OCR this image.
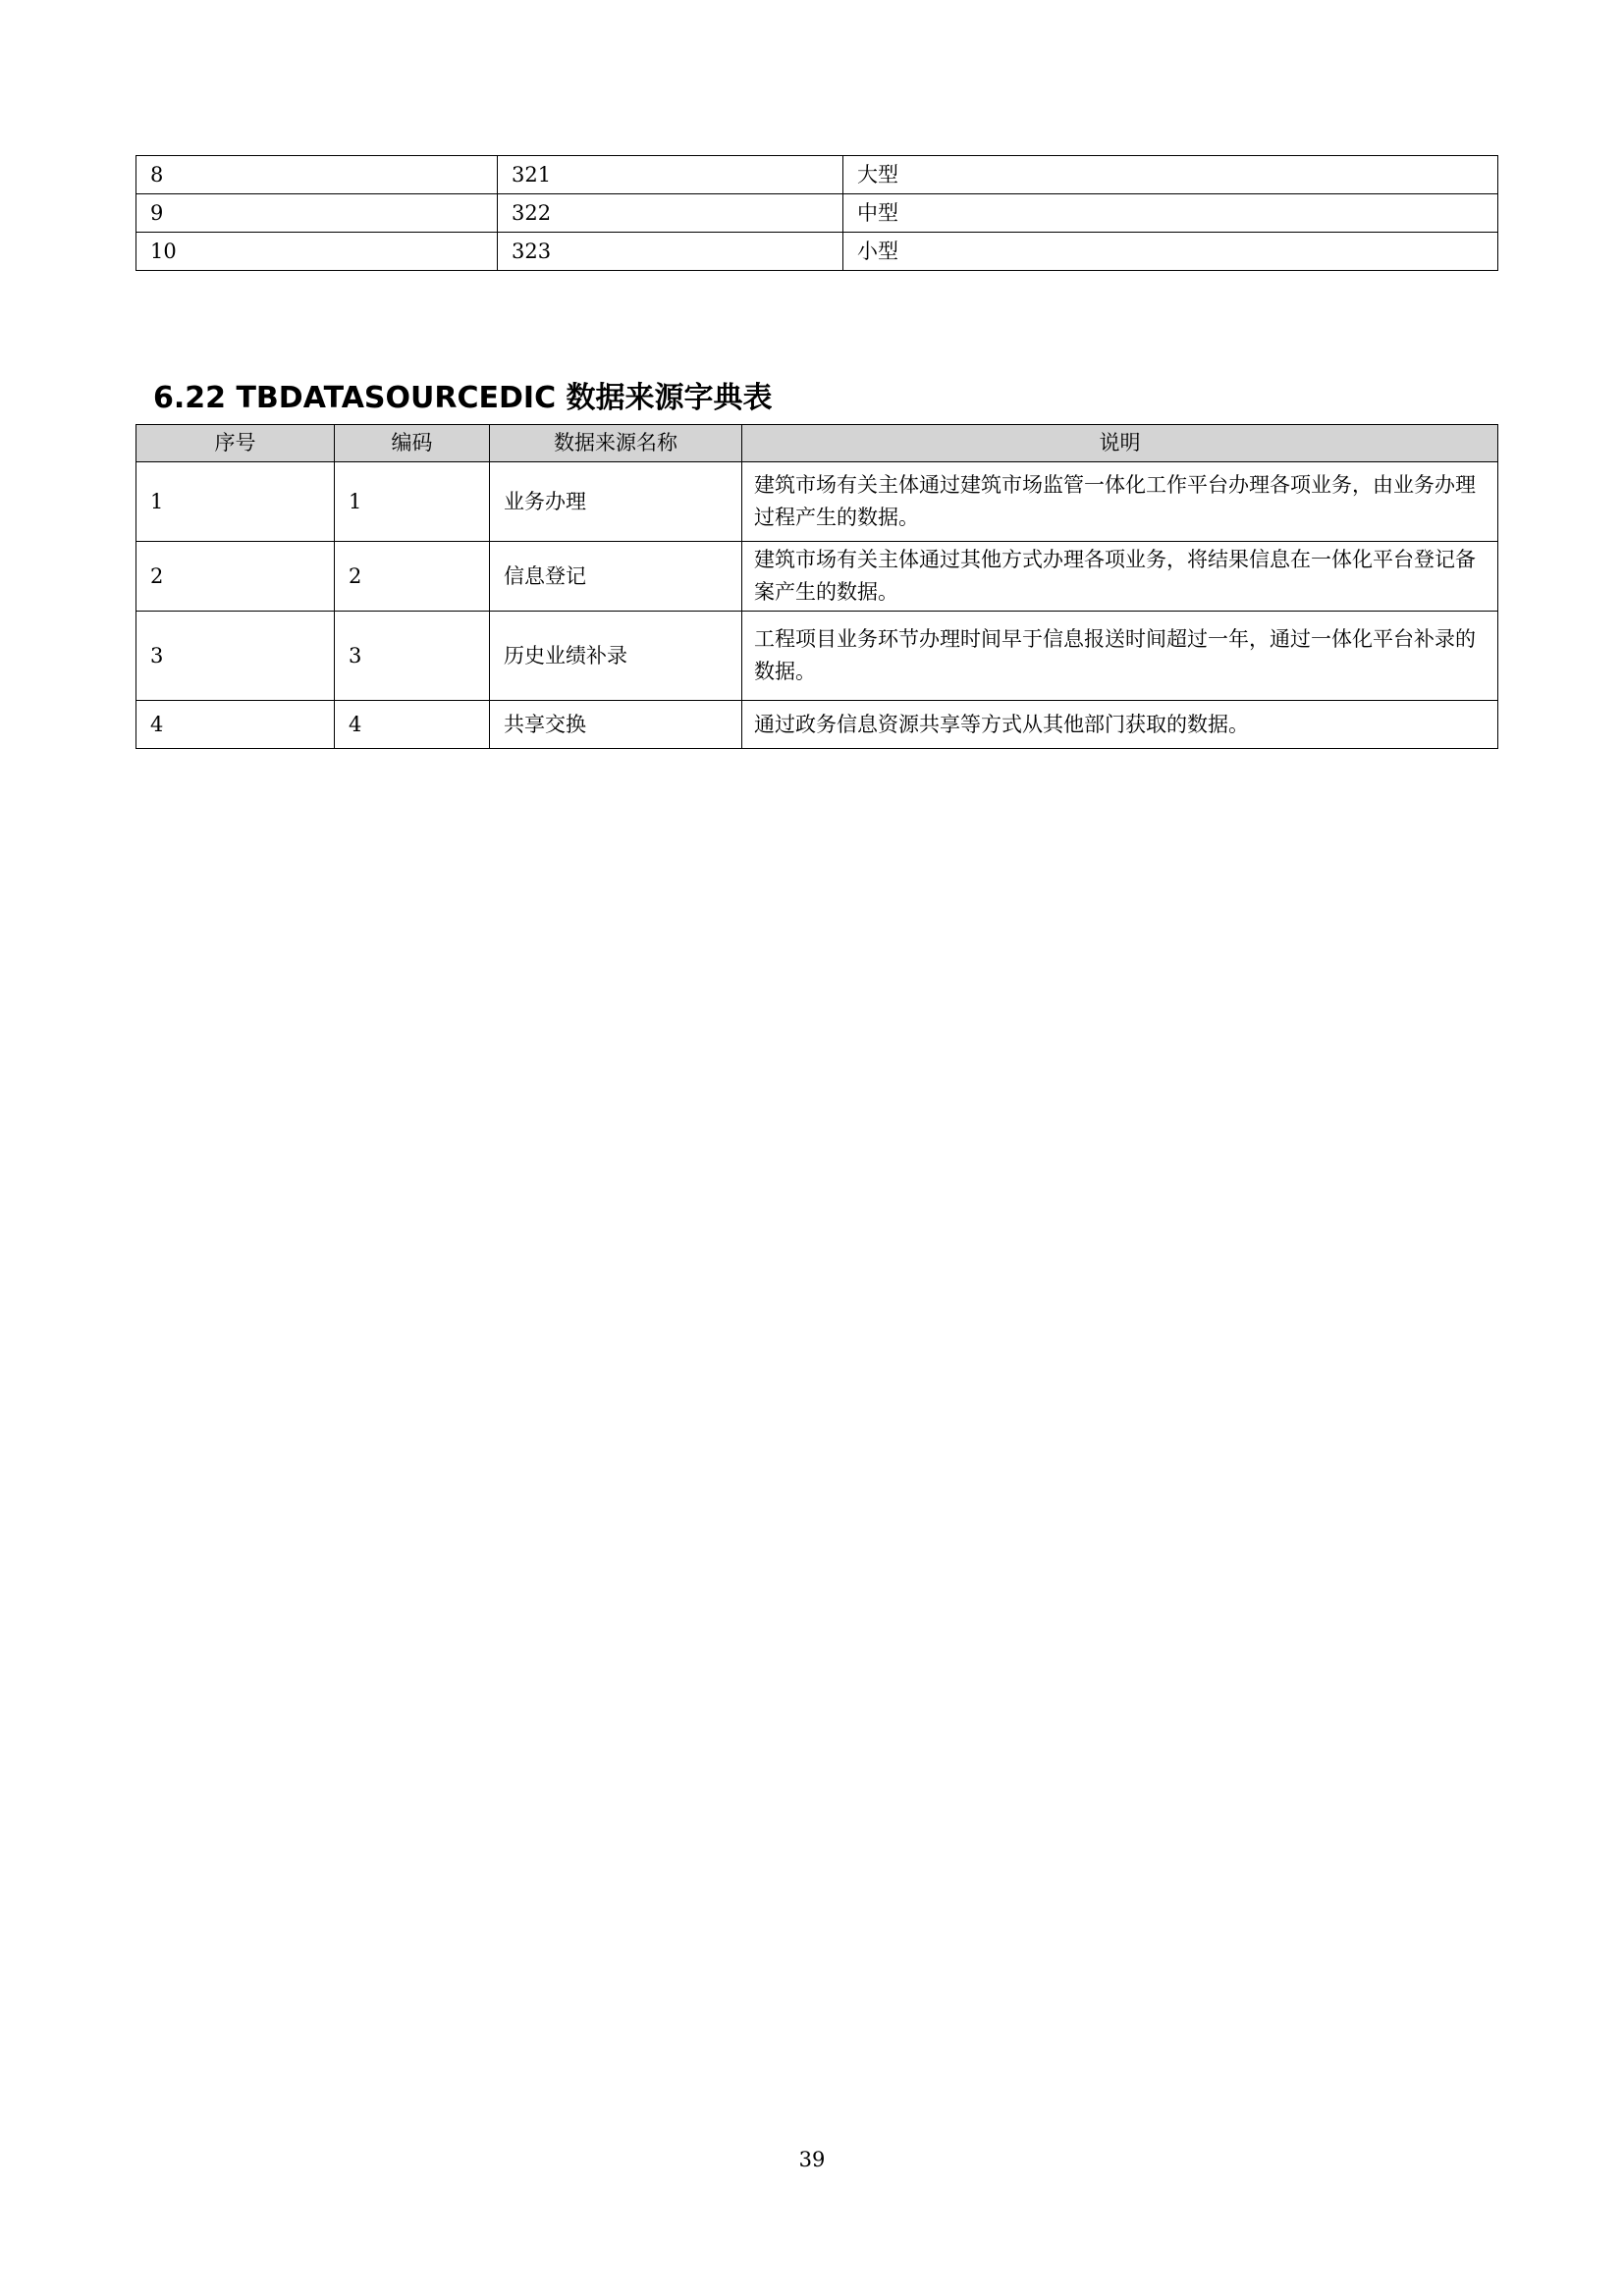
8	321	大型
9	322	中型
10	323	小型
6.22 TBDATASOURCEDIC 数据来源字典表
序号	编码	数据来源名称	说明
1	1	业务办理	建筑市场有关主体通过建筑市场监管一体化工作平台办理各项业务，由业务办理过程产生的数据。
2	2	信息登记	建筑市场有关主体通过其他方式办理各项业务，将结果信息在一体化平台登记备案产生的数据。
3	3	历史业绩补录	工程项目业务环节办理时间早于信息报送时间超过一年，通过一体化平台补录的数据。
4	4	共享交换	通过政务信息资源共享等方式从其他部门获取的数据。
39
